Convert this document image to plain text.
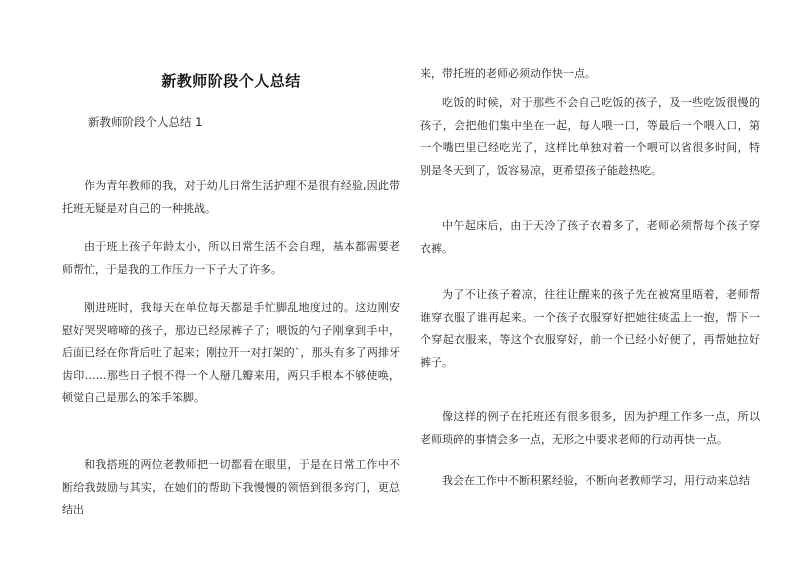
新教师阶段个人总结
新教师阶段个人总结 1
作为青年教师的我，对于幼儿日常生活护理不是很有经验,因此带托班无疑是对自己的一种挑战。
由于班上孩子年龄太小，所以日常生活不会自理，基本都需要老师帮忙，于是我的工作压力一下子大了许多。
刚进班时，我每天在单位每天都是手忙脚乱地度过的。这边刚安慰好哭哭啼啼的孩子，那边已经尿裤子了；喂饭的勺子刚拿到手中，后面已经在你背后吐了起来；刚拉开一对打架的`，那头有多了两排牙齿印……那些日子恨不得一个人掰几瓣来用，两只手根本不够使唤，顿觉自己是那么的笨手笨脚。
和我搭班的两位老教师把一切都看在眼里，于是在日常工作中不断给我鼓励与其实，在她们的帮助下我慢慢的领悟到很多窍门，更总结出
来，带托班的老师必须动作快一点。
吃饭的时候，对于那些不会自己吃饭的孩子，及一些吃饭很慢的孩子，会把他们集中坐在一起，每人喂一口，等最后一个喂入口，第一个嘴巴里已经吃光了，这样比单独对着一个喂可以省很多时间，特别是冬天到了，饭容易凉，更希望孩子能趁热吃。
中午起床后，由于天冷了孩子衣着多了，老师必须帮每个孩子穿衣裤。
为了不让孩子着凉，往往让醒来的孩子先在被窝里晤着，老师帮谁穿衣服了谁再起来。一个孩子衣服穿好把她往痰盂上一抱，帮下一个穿起衣服来，等这个衣服穿好，前一个已经小好便了，再帮她拉好裤子。
像这样的例子在托班还有很多很多，因为护理工作多一点，所以老师琐碎的事情会多一点，无形之中要求老师的行动再快一点。
我会在工作中不断积累经验，不断向老教师学习，用行动来总结
